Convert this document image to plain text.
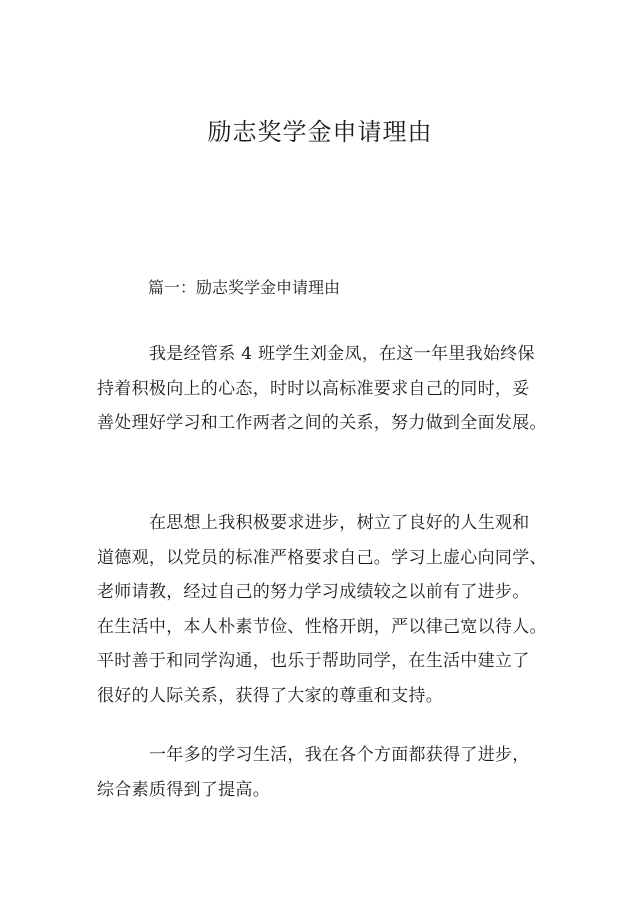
励志奖学金申请理由

篇一：励志奖学金申请理由

我是经管系 4 班学生刘金凤，在这一年里我始终保
持着积极向上的心态，时时以高标准要求自己的同时，妥
善处理好学习和工作两者之间的关系，努力做到全面发展。

在思想上我积极要求进步，树立了良好的人生观和
道德观，以党员的标准严格要求自己。学习上虚心向同学、
老师请教，经过自己的努力学习成绩较之以前有了进步。
在生活中，本人朴素节俭、性格开朗，严以律己宽以待人。
平时善于和同学沟通，也乐于帮助同学，在生活中建立了
很好的人际关系，获得了大家的尊重和支持。

一年多的学习生活，我在各个方面都获得了进步，
综合素质得到了提高。
